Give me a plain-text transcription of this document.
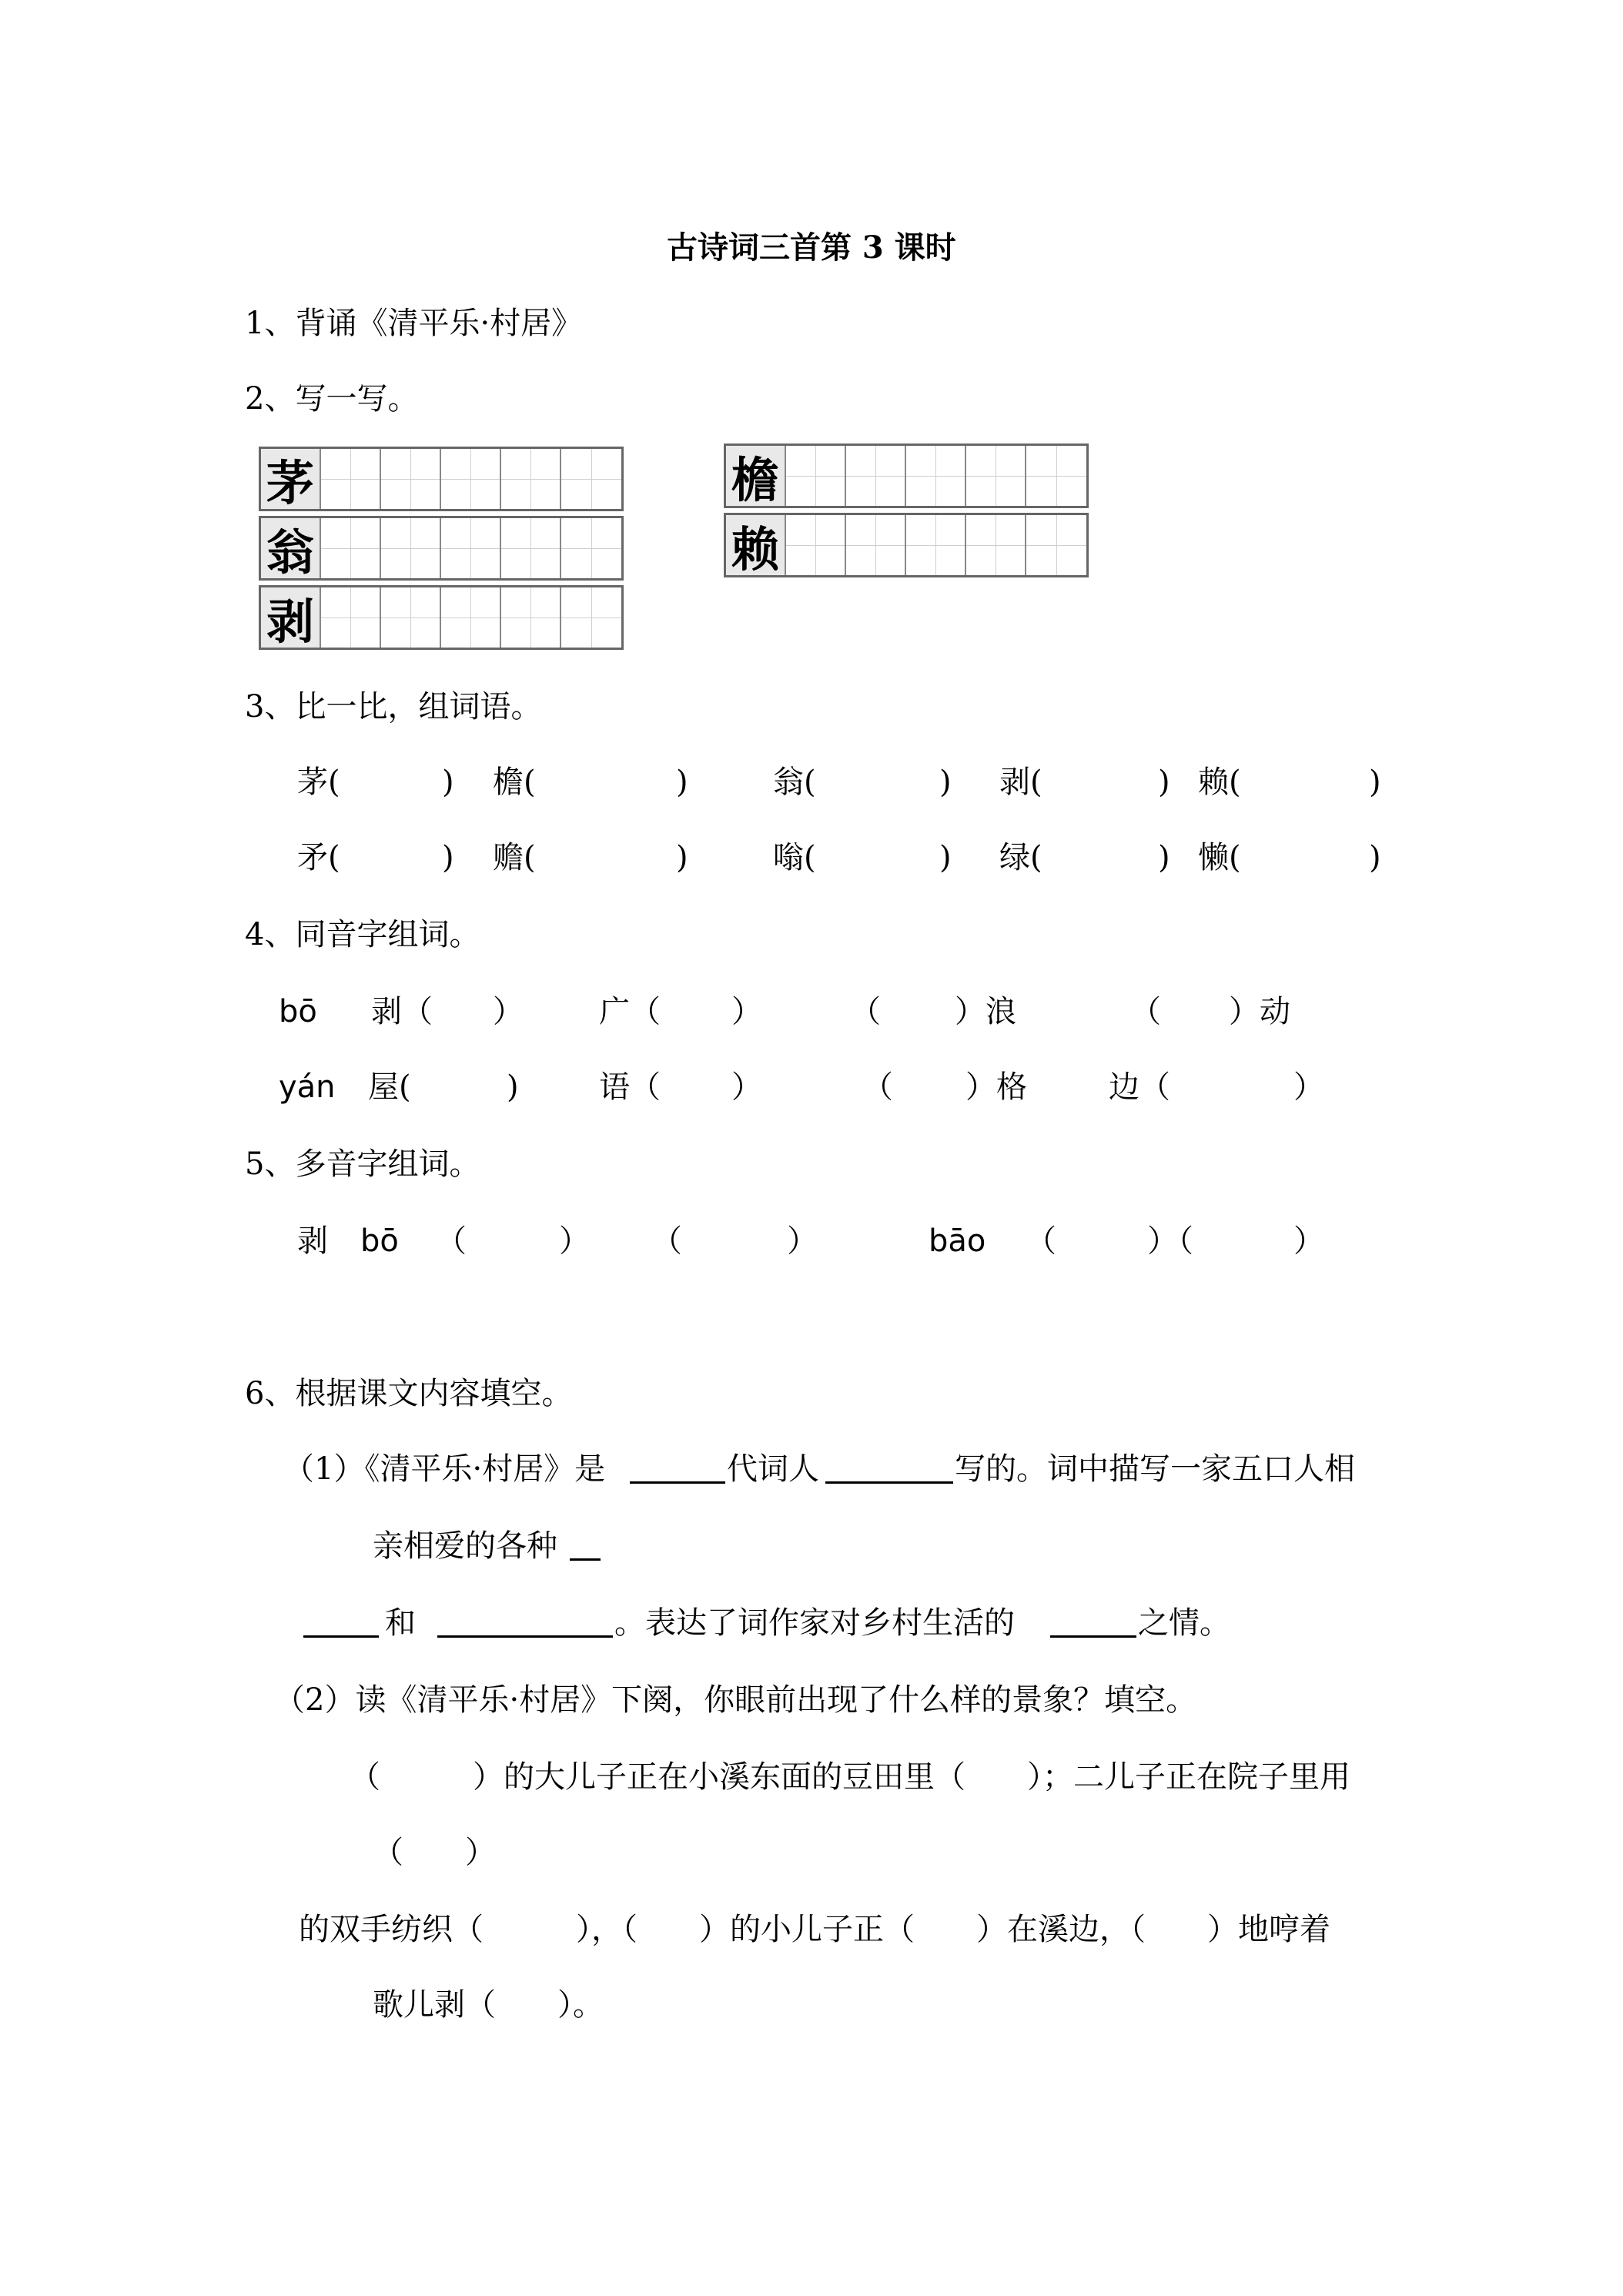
古诗词三首第 3 课时
1、背诵《清平乐·村居》
2、写一写。
茅
翁
剥
檐
赖
3、比一比，组词语。
茅(	) 檐(	)	翁(	) 剥(	) 赖(	)
矛(	) 赡(	)	嗡(	) 绿(	) 懒(	)
4、同音字组词。
bō 剥（ ） 广（ ）	（ ）浪	（ ）动
yán 屋(	)	语（ ）	（ ）格	边（	）
5、多音字组词。
剥 bō （	） （	）	bāo （	）（	）
6、根据课文内容填空。
（1）《清平乐·村居》是	代词人	写的。词中描写一家五口人相
亲相爱的各种
和	。表达了词作家对乡村生活的	之情。
（2）读《清平乐·村居》下阕，你眼前出现了什么样的景象？填空。
（　　　）的大儿子正在小溪东面的豆田里（　　）；二儿子正在院子里用
（　　）
的双手纺织（　　　），（　　）的小儿子正（　　）在溪边，（　　）地哼着
歌儿剥（　　）。
